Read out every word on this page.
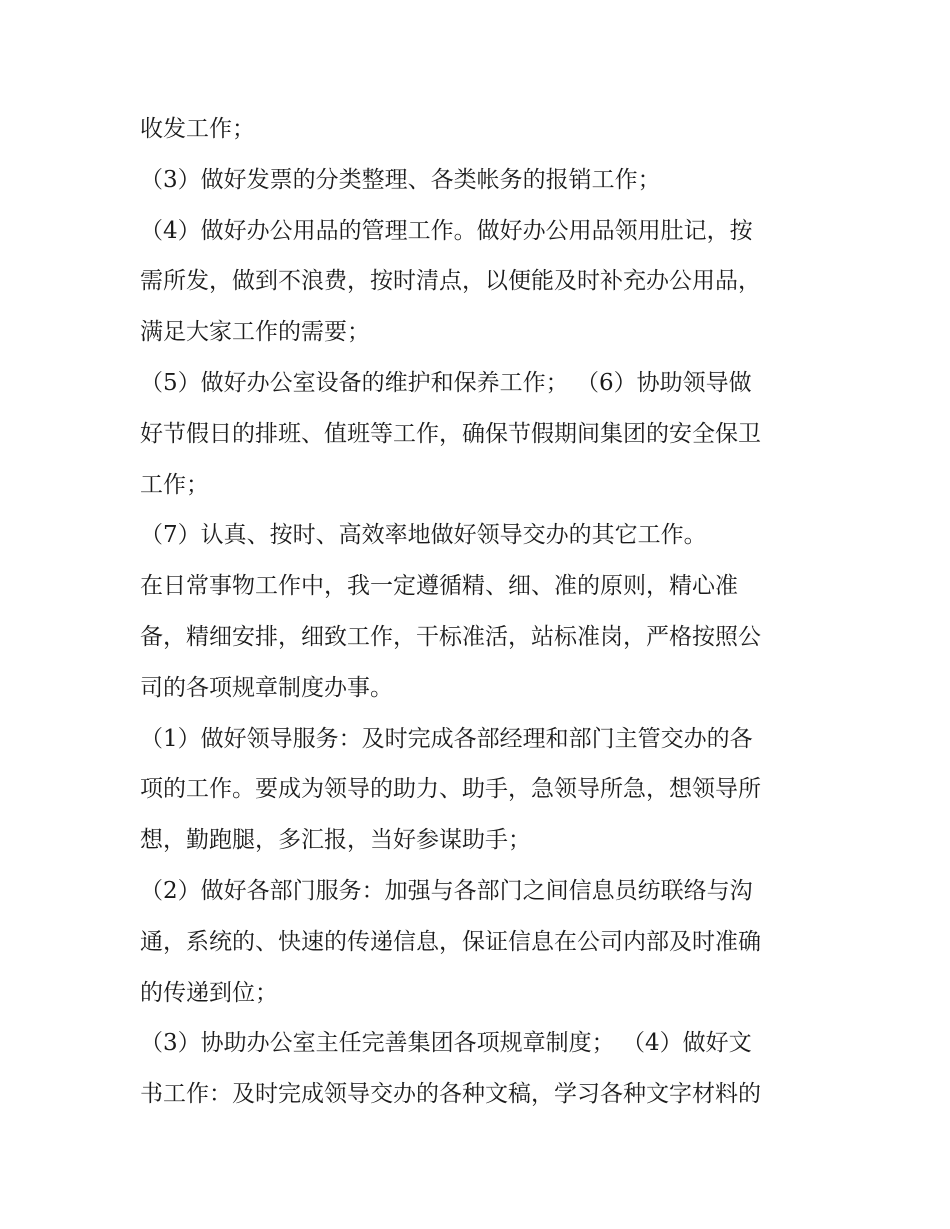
收发工作；
（3）做好发票的分类整理、各类帐务的报销工作；
（4）做好办公用品的管理工作。做好办公用品领用肚记，按
需所发，做到不浪费，按时清点，以便能及时补充办公用品，
满足大家工作的需要；
（5）做好办公室设备的维护和保养工作； （6）协助领导做
好节假日的排班、值班等工作，确保节假期间集团的安全保卫
工作；
（7）认真、按时、高效率地做好领导交办的其它工作。
在日常事物工作中，我一定遵循精、细、准的原则，精心准
备，精细安排，细致工作，干标准活，站标准岗，严格按照公
司的各项规章制度办事。
（1）做好领导服务：及时完成各部经理和部门主管交办的各
项的工作。要成为领导的助力、助手，急领导所急，想领导所
想，勤跑腿，多汇报，当好参谋助手；
（2）做好各部门服务：加强与各部门之间信息员纺联络与沟
通，系统的、快速的传递信息，保证信息在公司内部及时准确
的传递到位；
（3）协助办公室主任完善集团各项规章制度； （4）做好文
书工作：及时完成领导交办的各种文稿，学习各种文字材料的
